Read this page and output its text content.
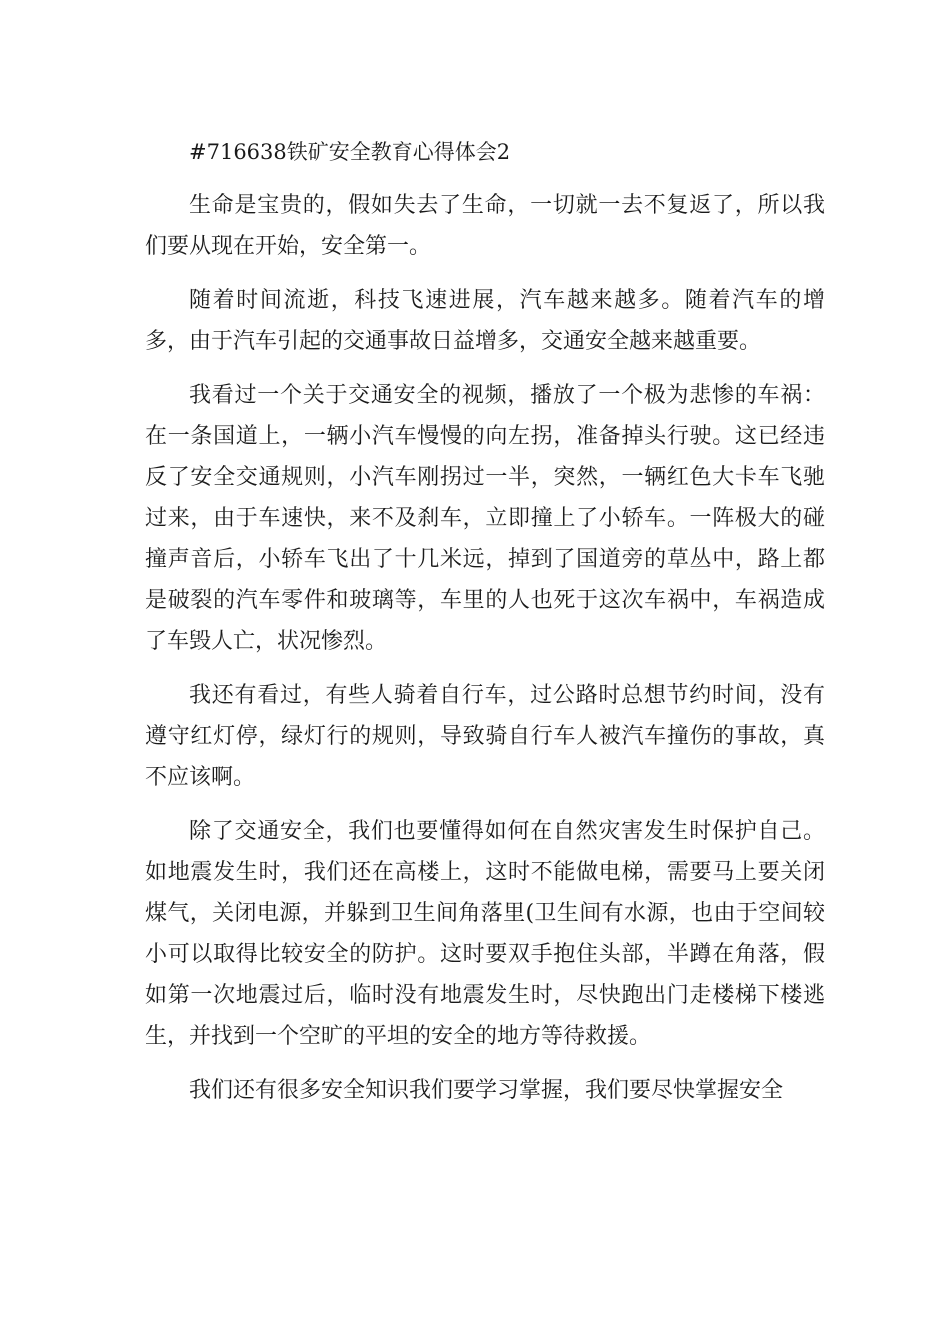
#716638铁矿安全教育心得体会2

生命是宝贵的，假如失去了生命，一切就一去不复返了，所以我们要从现在开始，安全第一。

随着时间流逝，科技飞速进展，汽车越来越多。随着汽车的增多，由于汽车引起的交通事故日益增多，交通安全越来越重要。

我看过一个关于交通安全的视频，播放了一个极为悲惨的车祸：在一条国道上，一辆小汽车慢慢的向左拐，准备掉头行驶。这已经违反了安全交通规则，小汽车刚拐过一半，突然，一辆红色大卡车飞驰过来，由于车速快，来不及刹车，立即撞上了小轿车。一阵极大的碰撞声音后，小轿车飞出了十几米远，掉到了国道旁的草丛中，路上都是破裂的汽车零件和玻璃等，车里的人也死于这次车祸中，车祸造成了车毁人亡，状况惨烈。

我还有看过，有些人骑着自行车，过公路时总想节约时间，没有遵守红灯停，绿灯行的规则，导致骑自行车人被汽车撞伤的事故，真不应该啊。

除了交通安全，我们也要懂得如何在自然灾害发生时保护自己。如地震发生时，我们还在高楼上，这时不能做电梯，需要马上要关闭煤气，关闭电源，并躲到卫生间角落里(卫生间有水源，也由于空间较小可以取得比较安全的防护。这时要双手抱住头部，半蹲在角落，假如第一次地震过后，临时没有地震发生时，尽快跑出门走楼梯下楼逃生，并找到一个空旷的平坦的安全的地方等待救援。

我们还有很多安全知识我们要学习掌握，我们要尽快掌握安全
